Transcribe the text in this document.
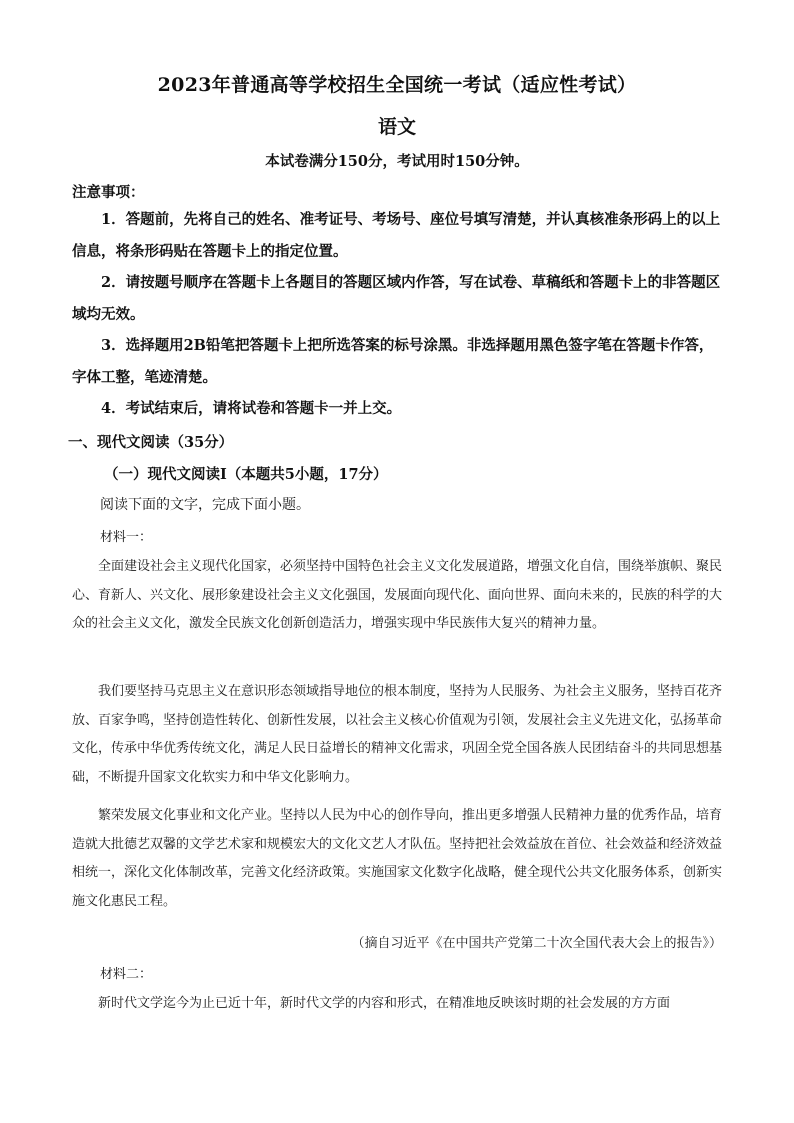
2023年普通高等学校招生全国统一考试（适应性考试）
语文
本试卷满分150分，考试用时150分钟。
注意事项：
1．答题前，先将自己的姓名、准考证号、考场号、座位号填写清楚，并认真核准条形码上的以上信息，将条形码贴在答题卡上的指定位置。
2．请按题号顺序在答题卡上各题目的答题区域内作答，写在试卷、草稿纸和答题卡上的非答题区域均无效。
3．选择题用2B铅笔把答题卡上把所选答案的标号涂黑。非选择题用黑色签字笔在答题卡作答，字体工整，笔迹清楚。
4．考试结束后，请将试卷和答题卡一并上交。
一、现代文阅读（35分）
（一）现代文阅读Ⅰ（本题共5小题，17分）
阅读下面的文字，完成下面小题。
材料一：
全面建设社会主义现代化国家，必须坚持中国特色社会主义文化发展道路，增强文化自信，围绕举旗帜、聚民心、育新人、兴文化、展形象建设社会主义文化强国，发展面向现代化、面向世界、面向未来的，民族的科学的大众的社会主义文化，激发全民族文化创新创造活力，增强实现中华民族伟大复兴的精神力量。
我们要坚持马克思主义在意识形态领域指导地位的根本制度，坚持为人民服务、为社会主义服务，坚持百花齐放、百家争鸣，坚持创造性转化、创新性发展，以社会主义核心价值观为引领，发展社会主义先进文化，弘扬革命文化，传承中华优秀传统文化，满足人民日益增长的精神文化需求，巩固全党全国各族人民团结奋斗的共同思想基础，不断提升国家文化软实力和中华文化影响力。
繁荣发展文化事业和文化产业。坚持以人民为中心的创作导向，推出更多增强人民精神力量的优秀作品，培育造就大批德艺双馨的文学艺术家和规模宏大的文化文艺人才队伍。坚持把社会效益放在首位、社会效益和经济效益相统一，深化文化体制改革，完善文化经济政策。实施国家文化数字化战略，健全现代公共文化服务体系，创新实施文化惠民工程。
（摘自习近平《在中国共产党第二十次全国代表大会上的报告》）
材料二：
新时代文学迄今为止已近十年，新时代文学的内容和形式，在精准地反映该时期的社会发展的方方面
